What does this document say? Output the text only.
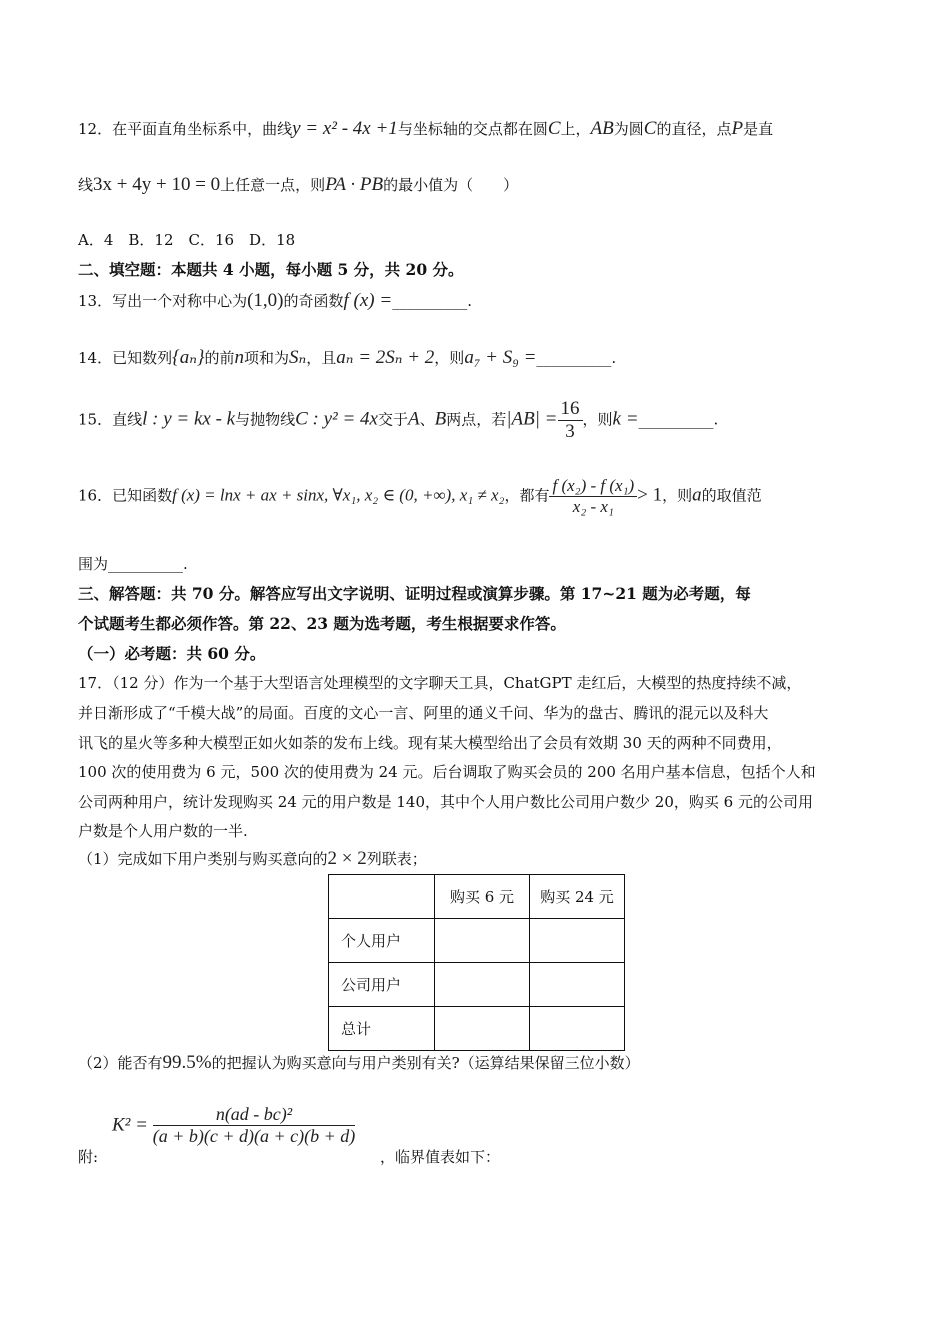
12．在平面直角坐标系中，曲线y = x² - 4x +1与坐标轴的交点都在圆C上，AB为圆C的直径，点P是直
线3x + 4y + 10 = 0上任意一点，则PA · PB的最小值为（　　）
A．4　B．12　C．16　D．18
二、填空题：本题共 4 小题，每小题 5 分，共 20 分。
13．写出一个对称中心为(1,0)的奇函数f (x) =__________.
14．已知数列{aₙ}的前n项和为Sₙ，且aₙ = 2Sₙ + 2，则a₇ + S₉ =__________.
15．直线l : y = kx - k与抛物线C : y² = 4x交于A、B两点，若$|AB| = \frac{16}{3}$ ，则k =__________.
16．已知函数f (x) = lnx + ax + sinx, ∀x₁, x₂ ∈ (0, +∞), x₁ ≠ x₂，都有 $\frac{\text{f (x₂) - f (x₁)}}{\text{x₂ - x₁}} > 1$，则a的取值范
围为__________.
三、解答题：共 70 分。解答应写出文字说明、证明过程或演算步骤。第 17~21 题为必考题，每
个试题考生都必须作答。第 22、23 题为选考题，考生根据要求作答。
（一）必考题：共 60 分。
17．（12 分）作为一个基于大型语言处理模型的文字聊天工具，ChatGPT 走红后，大模型的热度持续不减，
并日渐形成了“千模大战”的局面。百度的文心一言、阿里的通义千问、华为的盘古、腾讯的混元以及科大
讯飞的星火等多种大模型正如火如荼的发布上线。现有某大模型给出了会员有效期 30 天的两种不同费用，
100 次的使用费为 6 元，500 次的使用费为 24 元。后台调取了购买会员的 200 名用户基本信息，包括个人和
公司两种用户，统计发现购买 24 元的用户数是 140，其中个人用户数比公司用户数少 20，购买 6 元的公司用
户数是个人用户数的一半.
（1）完成如下用户类别与购买意向的2 × 2列联表；
	购买 6 元	购买 24 元
个人用户		
公司用户		
总计		
（2）能否有99.5%的把握认为购买意向与用户类别有关?（运算结果保留三位小数）
$K^2 = \frac{\text{n(ad - bc)²}}{(a + b)(c + d)(a + c)(b + d)}$
附:	，临界值表如下：
